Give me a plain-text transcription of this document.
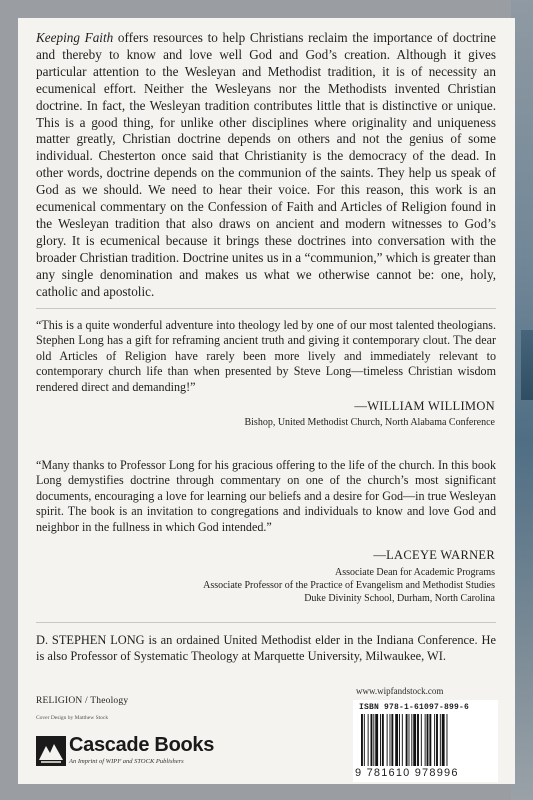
Keeping Faith offers resources to help Christians reclaim the importance of doctrine and thereby to know and love well God and God’s creation. Although it gives particular attention to the Wesleyan and Methodist tradition, it is of necessity an ecumenical effort. Neither the Wesleyans nor the Methodists invented Christian doctrine. In fact, the Wesleyan tradition contributes little that is distinctive or unique. This is a good thing, for unlike other disciplines where originality and uniqueness matter greatly, Christian doctrine depends on others and not the genius of some individual. Chesterton once said that Christianity is the democracy of the dead. In other words, doctrine depends on the communion of the saints. They help us speak of God as we should. We need to hear their voice. For this reason, this work is an ecumenical commentary on the Confession of Faith and Articles of Religion found in the Wesleyan tradition that also draws on ancient and modern witnesses to God’s glory. It is ecumenical because it brings these doctrines into conversation with the broader Christian tradition. Doctrine unites us in a “communion,” which is greater than any single denomination and makes us what we otherwise cannot be: one, holy, catholic and apostolic.

“This is a quite wonderful adventure into theology led by one of our most talented theologians. Stephen Long has a gift for reframing ancient truth and giving it contemporary clout. The dear old Articles of Religion have rarely been more lively and immediately relevant to contemporary church life than when presented by Steve Long—timeless Christian wisdom rendered direct and demanding!”

—WILLIAM WILLIMON
Bishop, United Methodist Church, North Alabama Conference

“Many thanks to Professor Long for his gracious offering to the life of the church. In this book Long demystifies doctrine through commentary on one of the church’s most significant documents, encouraging a love for learning our beliefs and a desire for God—in true Wesleyan spirit. The book is an invitation to congregations and individuals to know and love God and neighbor in the fullness in which God intended.”

—LACEYE WARNER
Associate Dean for Academic Programs
Associate Professor of the Practice of Evangelism and Methodist Studies
Duke Divinity School, Durham, North Carolina

D. STEPHEN LONG is an ordained United Methodist elder in the Indiana Conference. He is also Professor of Systematic Theology at Marquette University, Milwaukee, WI.

RELIGION / Theology
Cover Design by Matthew Stock
Cascade Books
An Imprint of WIPF and STOCK Publishers
www.wipfandstock.com
ISBN 978-1-61097-899-6
9 781610 978996
